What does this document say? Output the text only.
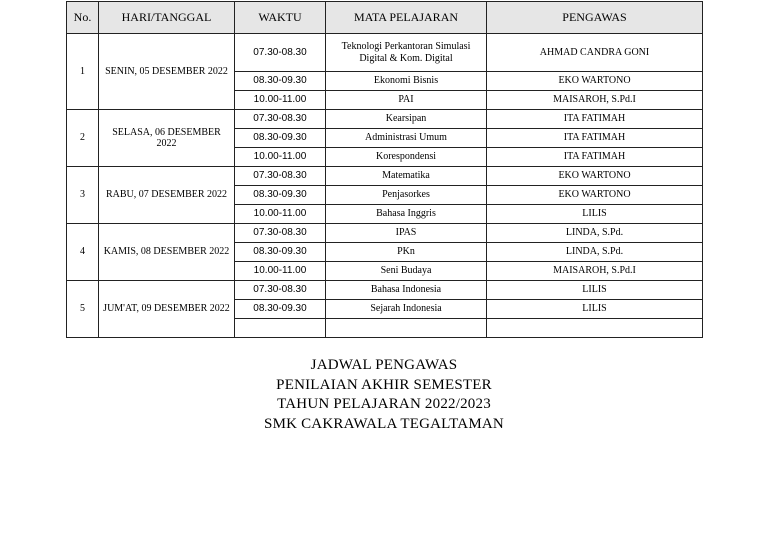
No.	HARI/TANGGAL	WAKTU	MATA PELAJARAN	PENGAWAS
1	SENIN, 05 DESEMBER 2022	07.30-08.30	Teknologi Perkantoran Simulasi Digital & Kom. Digital	AHMAD CANDRA GONI
		08.30-09.30	Ekonomi Bisnis	EKO WARTONO
		10.00-11.00	PAI	MAISAROH, S.Pd.I
2	SELASA, 06 DESEMBER 2022	07.30-08.30	Kearsipan	ITA FATIMAH
		08.30-09.30	Administrasi Umum	ITA FATIMAH
		10.00-11.00	Korespondensi	ITA FATIMAH
3	RABU, 07 DESEMBER 2022	07.30-08.30	Matematika	EKO WARTONO
		08.30-09.30	Penjasorkes	EKO WARTONO
		10.00-11.00	Bahasa Inggris	LILIS
4	KAMIS, 08 DESEMBER 2022	07.30-08.30	IPAS	LINDA, S.Pd.
		08.30-09.30	PKn	LINDA, S.Pd.
		10.00-11.00	Seni Budaya	MAISAROH, S.Pd.I
5	JUM'AT, 09 DESEMBER 2022	07.30-08.30	Bahasa Indonesia	LILIS
		08.30-09.30	Sejarah Indonesia	LILIS

JADWAL PENGAWAS
PENILAIAN AKHIR SEMESTER
TAHUN PELAJARAN 2022/2023
SMK CAKRAWALA TEGALTAMAN
